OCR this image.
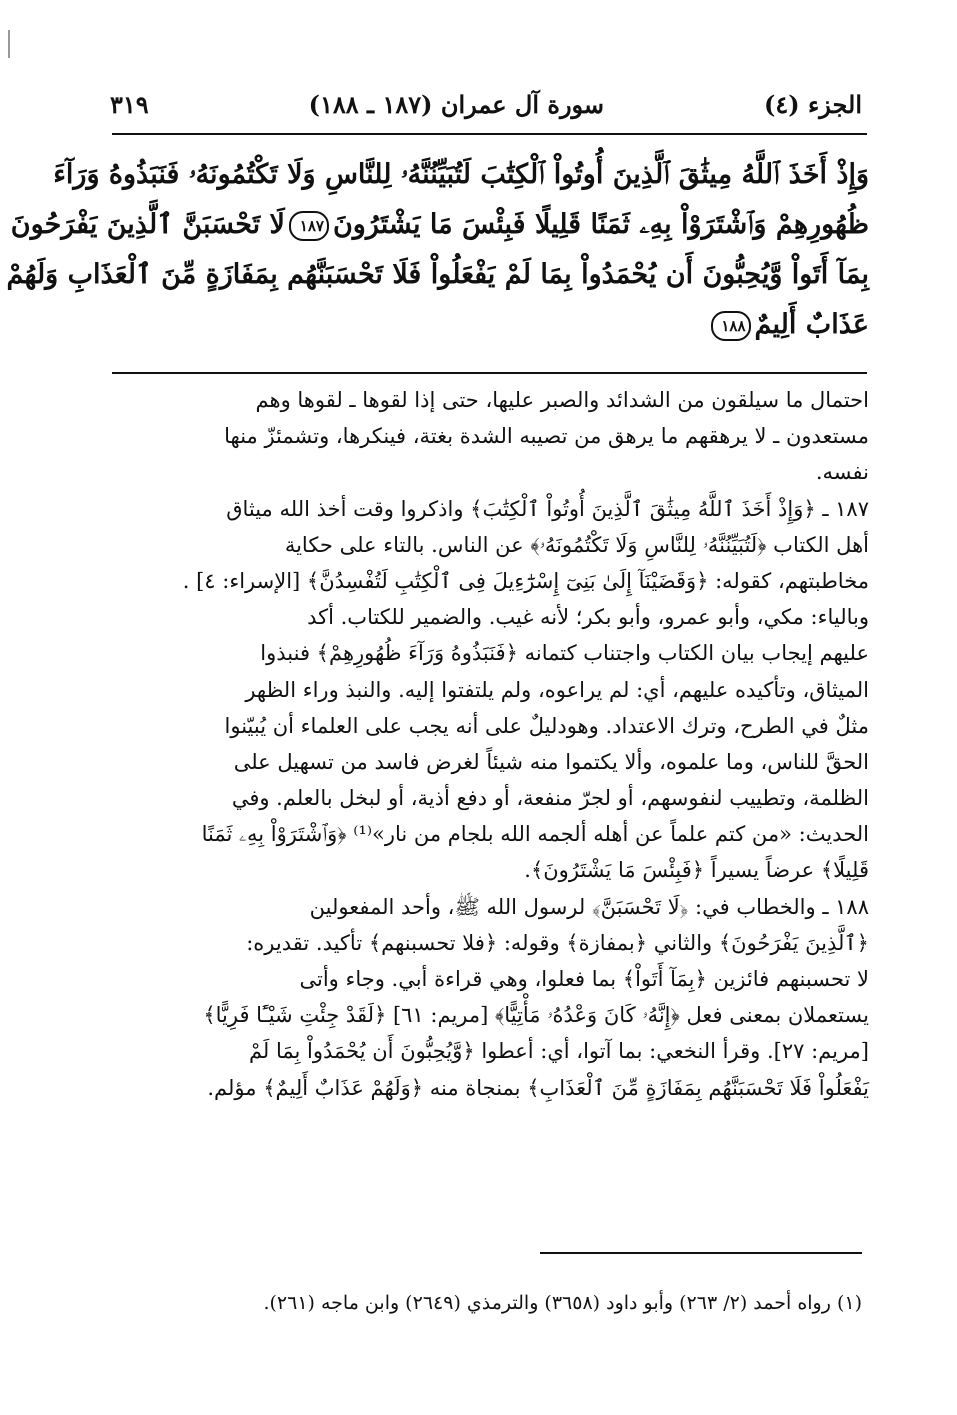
الجزء (٤)
سورة آل عمران (١٨٧ ـ ١٨٨)
٣١٩
وَإِذْ أَخَذَ ٱللَّهُ مِيثَٰقَ ٱلَّذِينَ أُوتُواْ ٱلْكِتَٰبَ لَتُبَيِّنُنَّهُۥ لِلنَّاسِ وَلَا تَكْتُمُونَهُۥ فَنَبَذُوهُ وَرَآءَ
ظُهُورِهِمْ وَٱشْتَرَوْاْ بِهِۦ ثَمَنًا قَلِيلًا فَبِئْسَ مَا يَشْتَرُونَ١٨٧لَا تَحْسَبَنَّ ٱلَّذِينَ يَفْرَحُونَ
بِمَآ أَتَواْ وَّيُحِبُّونَ أَن يُحْمَدُواْ بِمَا لَمْ يَفْعَلُواْ فَلَا تَحْسَبَنَّهُم بِمَفَازَةٍ مِّنَ ٱلْعَذَابِ وَلَهُمْ
عَذَابٌ أَلِيمٌ١٨٨
احتمال ما سيلقون من الشدائد والصبر عليها، حتى إذا لقوها ـ لقوها وهم
مستعدون ـ لا يرهقهم ما يرهق من تصيبه الشدة بغتة، فينكرها، وتشمئزّ منها
نفسه.
١٨٧ ـ ﴿وَإِذْ أَخَذَ ٱللَّهُ مِيثَٰقَ ٱلَّذِينَ أُوتُواْ ٱلْكِتَٰبَ﴾ واذكروا وقت أخذ الله ميثاق
أهل الكتاب ﴿لَتُبَيِّنُنَّهُۥ لِلنَّاسِ وَلَا تَكْتُمُونَهُۥ﴾ عن الناس. بالتاء على حكاية
مخاطبتهم، كقوله: ﴿وَقَضَيْنَآ إِلَىٰ بَنِىٓ إِسْرَٰٓءِيلَ فِى ٱلْكِتَٰبِ لَتُفْسِدُنَّ﴾ [الإسراء: ٤] .
وبالياء: مكي، وأبو عمرو، وأبو بكر؛ لأنه غيب. والضمير للكتاب. أكد
عليهم إيجاب بيان الكتاب واجتناب كتمانه ﴿فَنَبَذُوهُ وَرَآءَ ظُهُورِهِمْ﴾ فنبذوا
الميثاق، وتأكيده عليهم، أي: لم يراعوه، ولم يلتفتوا إليه. والنبذ وراء الظهر
مثلٌ في الطرح، وترك الاعتداد. وهودليلٌ على أنه يجب على العلماء أن يُبيّنوا
الحقَّ للناس، وما علموه، وألا يكتموا منه شيئاً لغرض فاسد من تسهيل على
الظلمة، وتطييب لنفوسهم، أو لجرّ منفعة، أو دفع أذية، أو لبخل بالعلم. وفي
الحديث: «من كتم علماً عن أهله ألجمه الله بلجام من نار»⁽¹⁾ ﴿وَٱشْتَرَوْاْ بِهِۦ ثَمَنًا
قَلِيلًا﴾ عرضاً يسيراً ﴿فَبِئْسَ مَا يَشْتَرُونَ﴾.
١٨٨ ـ والخطاب في: ﴿لَا تَحْسَبَنَّ﴾ لرسول الله ﷺ، وأحد المفعولين
﴿ٱلَّذِينَ يَفْرَحُونَ﴾ والثاني ﴿بمفازة﴾ وقوله: ﴿فلا تحسبنهم﴾ تأكيد. تقديره:
لا تحسبنهم فائزين ﴿بِمَآ أَتَواْ﴾ بما فعلوا، وهي قراءة أبي. وجاء وأتى
يستعملان بمعنى فعل ﴿إِنَّهُۥ كَانَ وَعْدُهُۥ مَأْتِيًّا﴾ [مريم: ٦١] ﴿لَقَدْ جِئْتِ شَيْـًٔا فَرِيًّا﴾
[مريم: ٢٧]. وقرأ النخعي: بما آتوا، أي: أعطوا ﴿وَّيُحِبُّونَ أَن يُحْمَدُواْ بِمَا لَمْ
يَفْعَلُواْ فَلَا تَحْسَبَنَّهُم بِمَفَازَةٍ مِّنَ ٱلْعَذَابِ﴾ بمنجاة منه ﴿وَلَهُمْ عَذَابٌ أَلِيمٌ﴾ مؤلم.
(١) رواه أحمد (٢/ ٢٦٣) وأبو داود (٣٦٥٨) والترمذي (٢٦٤٩) وابن ماجه (٢٦١).
